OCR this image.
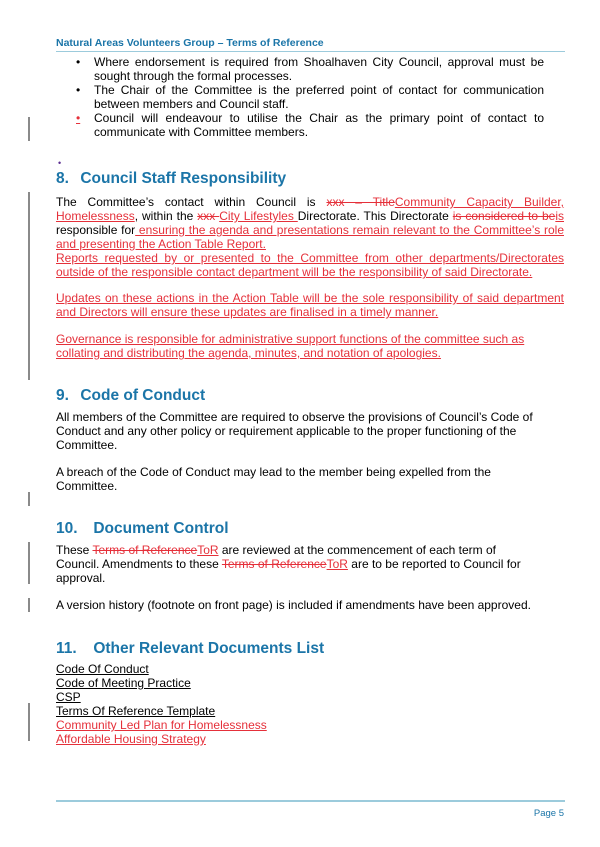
Natural Areas Volunteers Group – Terms of Reference
• Where endorsement is required from Shoalhaven City Council, approval must be sought through the formal processes.
• The Chair of the Committee is the preferred point of contact for communication between members and Council staff.
• Council will endeavour to utilise the Chair as the primary point of contact to communicate with Committee members.
•
8. Council Staff Responsibility
The Committee’s contact within Council is xxx – TitleCommunity Capacity Builder, Homelessness, within the xxx City Lifestyles Directorate. This Directorate is considered to beis responsible for ensuring the agenda and presentations remain relevant to the Committee’s role and presenting the Action Table Report.
Reports requested by or presented to the Committee from other departments/Directorates outside of the responsible contact department will be the responsibility of said Directorate.
Updates on these actions in the Action Table will be the sole responsibility of said department and Directors will ensure these updates are finalised in a timely manner.
Governance is responsible for administrative support functions of the committee such as collating and distributing the agenda, minutes, and notation of apologies.
9. Code of Conduct
All members of the Committee are required to observe the provisions of Council’s Code of Conduct and any other policy or requirement applicable to the proper functioning of the Committee.
A breach of the Code of Conduct may lead to the member being expelled from the Committee.
10. Document Control
These Terms of ReferenceToR are reviewed at the commencement of each term of Council. Amendments to these Terms of ReferenceToR are to be reported to Council for approval.
A version history (footnote on front page) is included if amendments have been approved.
11. Other Relevant Documents List
Code Of Conduct
Code of Meeting Practice
CSP
Terms Of Reference Template
Community Led Plan for Homelessness
Affordable Housing Strategy
Page 5
